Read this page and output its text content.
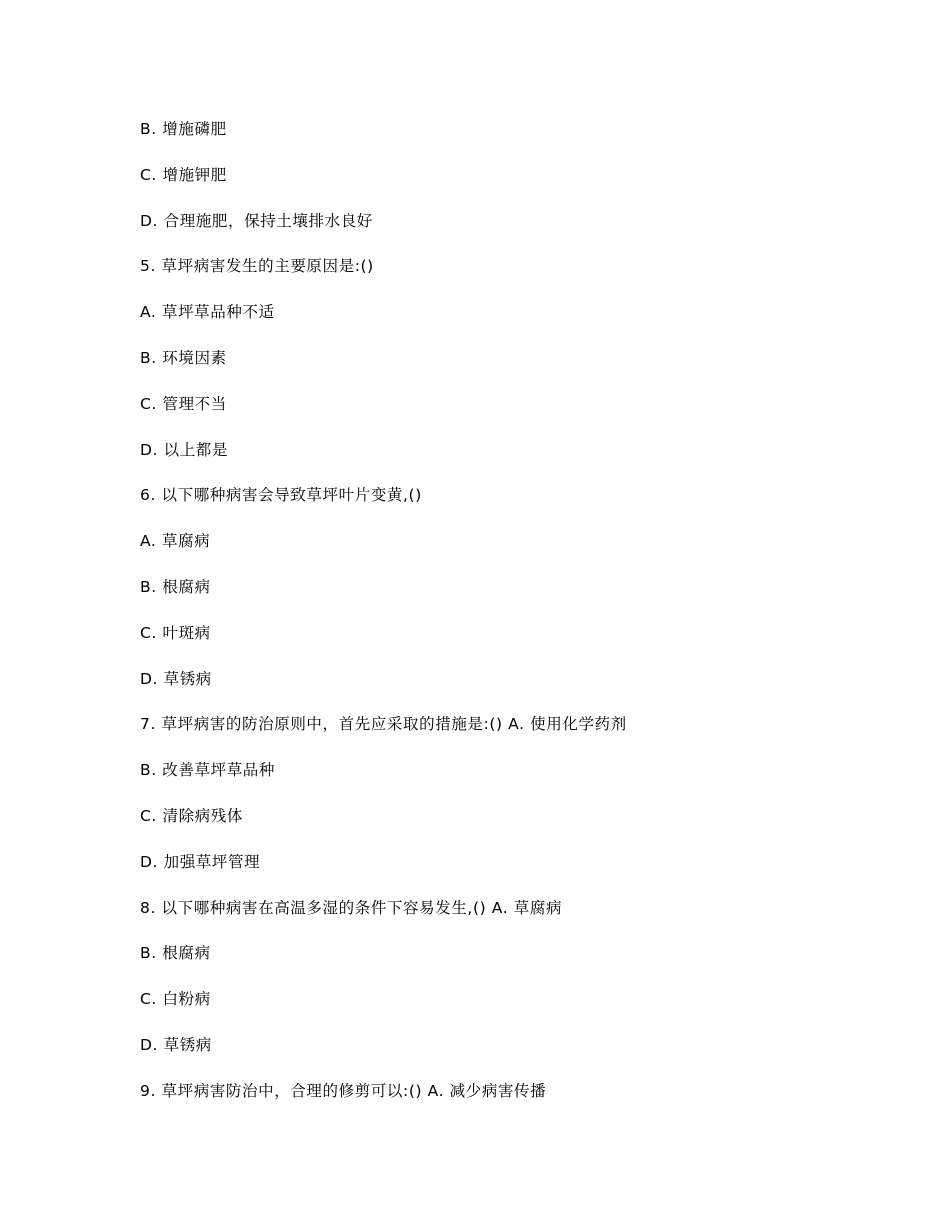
B. 增施磷肥
C. 增施钾肥
D. 合理施肥，保持土壤排水良好
5. 草坪病害发生的主要原因是:()
A. 草坪草品种不适
B. 环境因素
C. 管理不当
D. 以上都是
6. 以下哪种病害会导致草坪叶片变黄,()
A. 草腐病
B. 根腐病
C. 叶斑病
D. 草锈病
7. 草坪病害的防治原则中，首先应采取的措施是:() A. 使用化学药剂
B. 改善草坪草品种
C. 清除病残体
D. 加强草坪管理
8. 以下哪种病害在高温多湿的条件下容易发生,() A. 草腐病
B. 根腐病
C. 白粉病
D. 草锈病
9. 草坪病害防治中，合理的修剪可以:() A. 减少病害传播
